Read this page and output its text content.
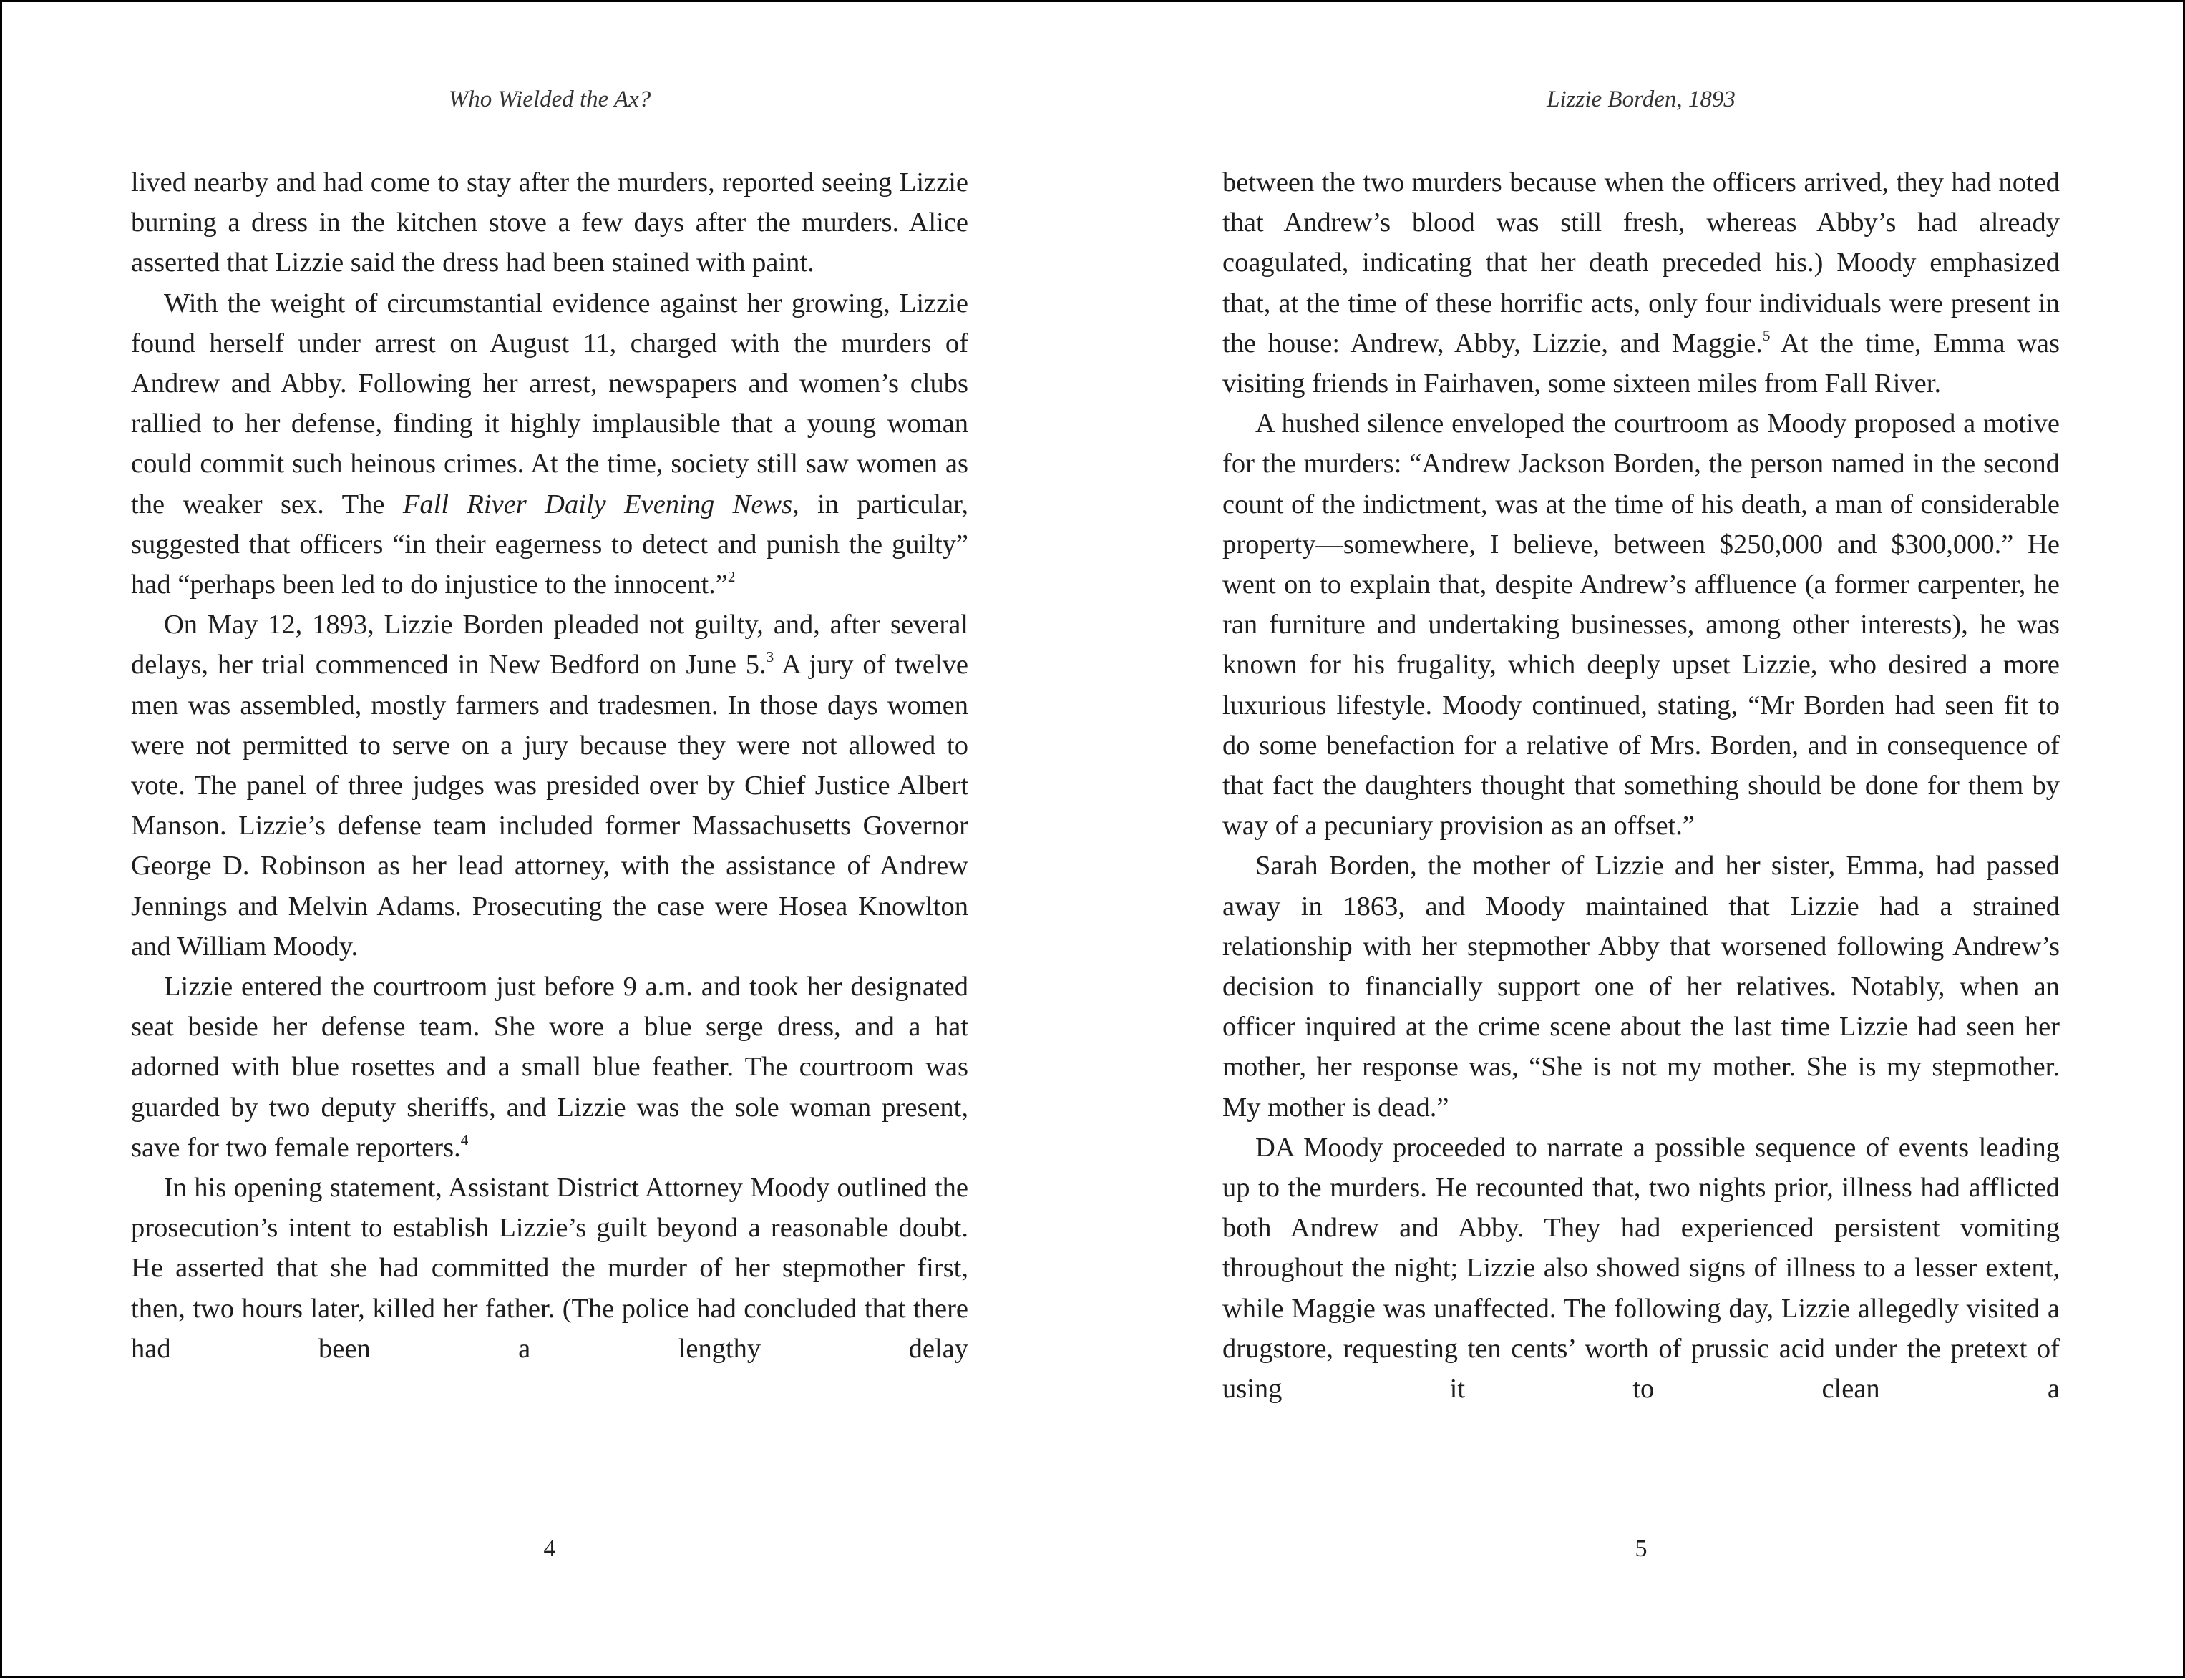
Who Wielded the Ax?

lived nearby and had come to stay after the murders, reported seeing Lizzie burning a dress in the kitchen stove a few days after the murders. Alice asserted that Lizzie said the dress had been stained with paint.

With the weight of circumstantial evidence against her growing, Lizzie found herself under arrest on August 11, charged with the murders of Andrew and Abby. Following her arrest, newspapers and women’s clubs rallied to her defense, finding it highly implausible that a young woman could commit such heinous crimes. At the time, society still saw women as the weaker sex. The Fall River Daily Evening News, in particular, suggested that officers “in their eagerness to detect and punish the guilty” had “perhaps been led to do injustice to the innocent.”$^2$

On May 12, 1893, Lizzie Borden pleaded not guilty, and, after several delays, her trial commenced in New Bedford on June 5.$^3$ A jury of twelve men was assembled, mostly farmers and tradesmen. In those days women were not permitted to serve on a jury because they were not allowed to vote. The panel of three judges was presided over by Chief Justice Albert Manson. Lizzie’s defense team included former Massachusetts Governor George D. Robinson as her lead attorney, with the assistance of Andrew Jennings and Melvin Adams. Prosecuting the case were Hosea Knowlton and William Moody.

Lizzie entered the courtroom just before 9 a.m. and took her designated seat beside her defense team. She wore a blue serge dress, and a hat adorned with blue rosettes and a small blue feather. The courtroom was guarded by two deputy sheriffs, and Lizzie was the sole woman present, save for two female reporters.$^4$

In his opening statement, Assistant District Attorney Moody outlined the prosecution’s intent to establish Lizzie’s guilt beyond a reasonable doubt. He asserted that she had committed the murder of her stepmother first, then, two hours later, killed her father. (The police had concluded that there had been a lengthy delay

4
Lizzie Borden, 1893

between the two murders because when the officers arrived, they had noted that Andrew’s blood was still fresh, whereas Abby’s had already coagulated, indicating that her death preceded his.) Moody emphasized that, at the time of these horrific acts, only four individuals were present in the house: Andrew, Abby, Lizzie, and Maggie.$^5$ At the time, Emma was visiting friends in Fairhaven, some sixteen miles from Fall River.

A hushed silence enveloped the courtroom as Moody proposed a motive for the murders: “Andrew Jackson Borden, the person named in the second count of the indictment, was at the time of his death, a man of considerable property—somewhere, I believe, between $250,000 and $300,000.” He went on to explain that, despite Andrew’s affluence (a former carpenter, he ran furniture and undertaking businesses, among other interests), he was known for his frugality, which deeply upset Lizzie, who desired a more luxurious lifestyle. Moody continued, stating, “Mr Borden had seen fit to do some benefaction for a relative of Mrs. Borden, and in consequence of that fact the daughters thought that something should be done for them by way of a pecuniary provision as an offset.”

Sarah Borden, the mother of Lizzie and her sister, Emma, had passed away in 1863, and Moody maintained that Lizzie had a strained relationship with her stepmother Abby that worsened following Andrew’s decision to financially support one of her relatives. Notably, when an officer inquired at the crime scene about the last time Lizzie had seen her mother, her response was, “She is not my mother. She is my stepmother. My mother is dead.”

DA Moody proceeded to narrate a possible sequence of events leading up to the murders. He recounted that, two nights prior, illness had afflicted both Andrew and Abby. They had experienced persistent vomiting throughout the night; Lizzie also showed signs of illness to a lesser extent, while Maggie was unaffected. The following day, Lizzie allegedly visited a drugstore, requesting ten cents’ worth of prussic acid under the pretext of using it to clean a

5
